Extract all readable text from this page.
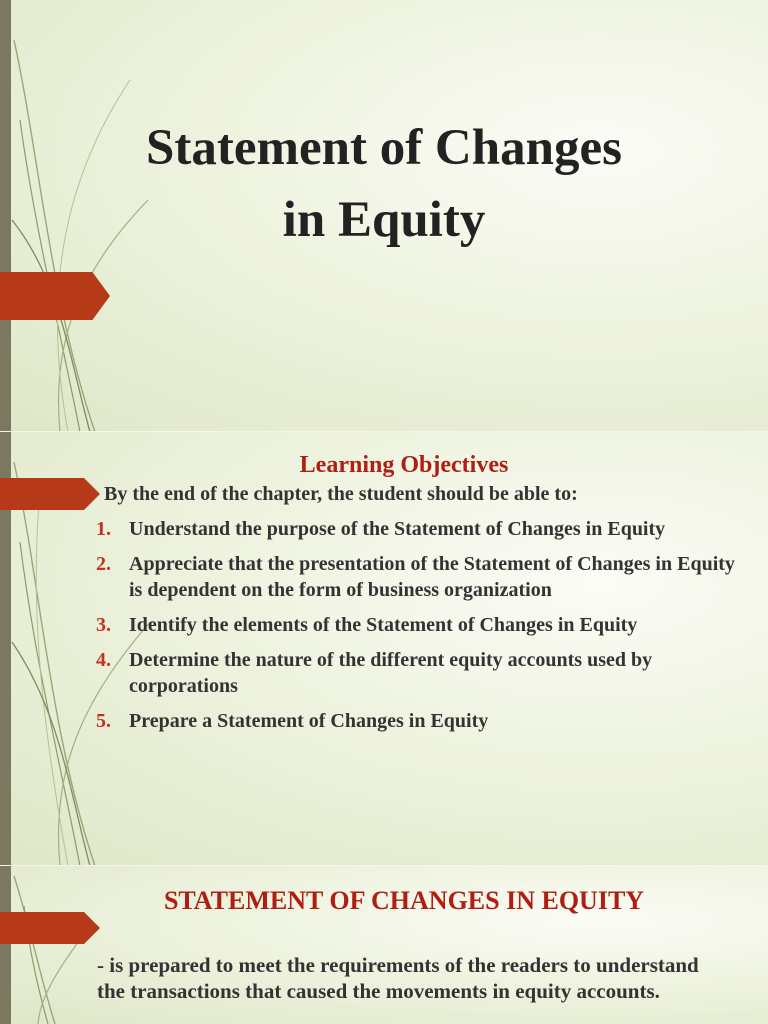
Statement of Changes
in Equity
Learning Objectives
By the end of the chapter, the student should be able to:
1. Understand the purpose of the Statement of Changes in Equity
2. Appreciate that the presentation of the Statement of Changes in Equity is dependent on the form of business organization
3. Identify the elements of the Statement of Changes in Equity
4. Determine the nature of the different equity accounts used by corporations
5. Prepare a Statement of Changes in Equity
STATEMENT OF CHANGES IN EQUITY
- is prepared to meet the requirements of the readers to understand the transactions that caused the movements in equity accounts.
